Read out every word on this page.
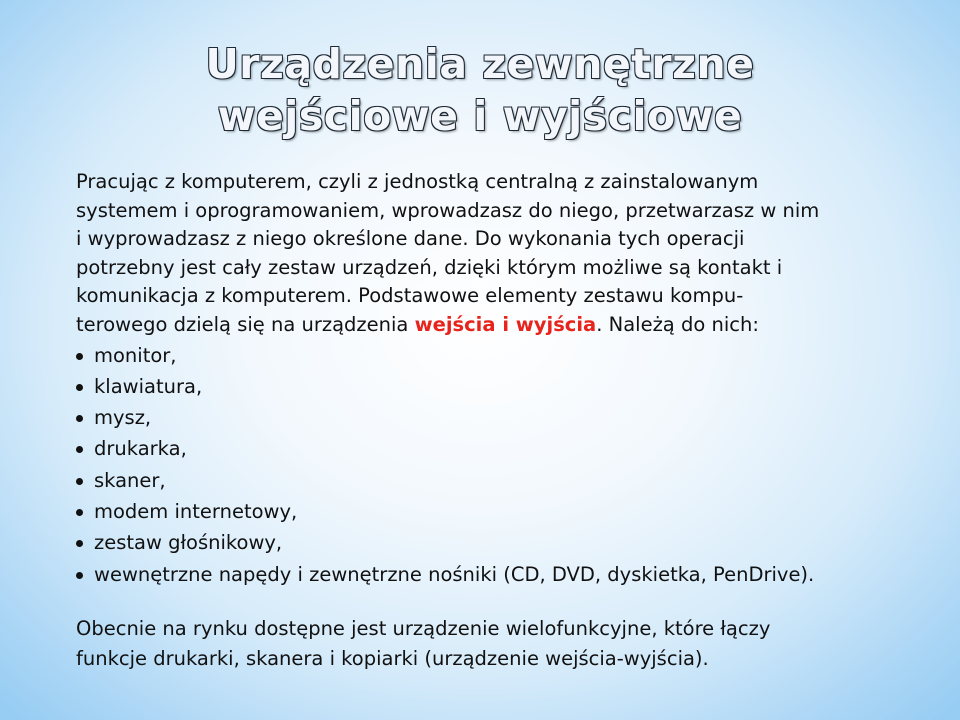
Urządzenia zewnętrzne
wejściowe i wyjściowe

Pracując z komputerem, czyli z jednostką centralną z zainstalowanym
systemem i oprogramowaniem, wprowadzasz do niego, przetwarzasz w nim
i wyprowadzasz z niego określone dane. Do wykonania tych operacji
potrzebny jest cały zestaw urządzeń, dzięki którym możliwe są kontakt i
komunikacja z komputerem. Podstawowe elementy zestawu kompu-
terowego dzielą się na urządzenia wejścia i wyjścia. Należą do nich:

monitor,
klawiatura,
mysz,
drukarka,
skaner,
modem internetowy,
zestaw głośnikowy,
wewnętrzne napędy i zewnętrzne nośniki (CD, DVD, dyskietka, PenDrive).

Obecnie na rynku dostępne jest urządzenie wielofunkcyjne, które łączy
funkcje drukarki, skanera i kopiarki (urządzenie wejścia-wyjścia).
